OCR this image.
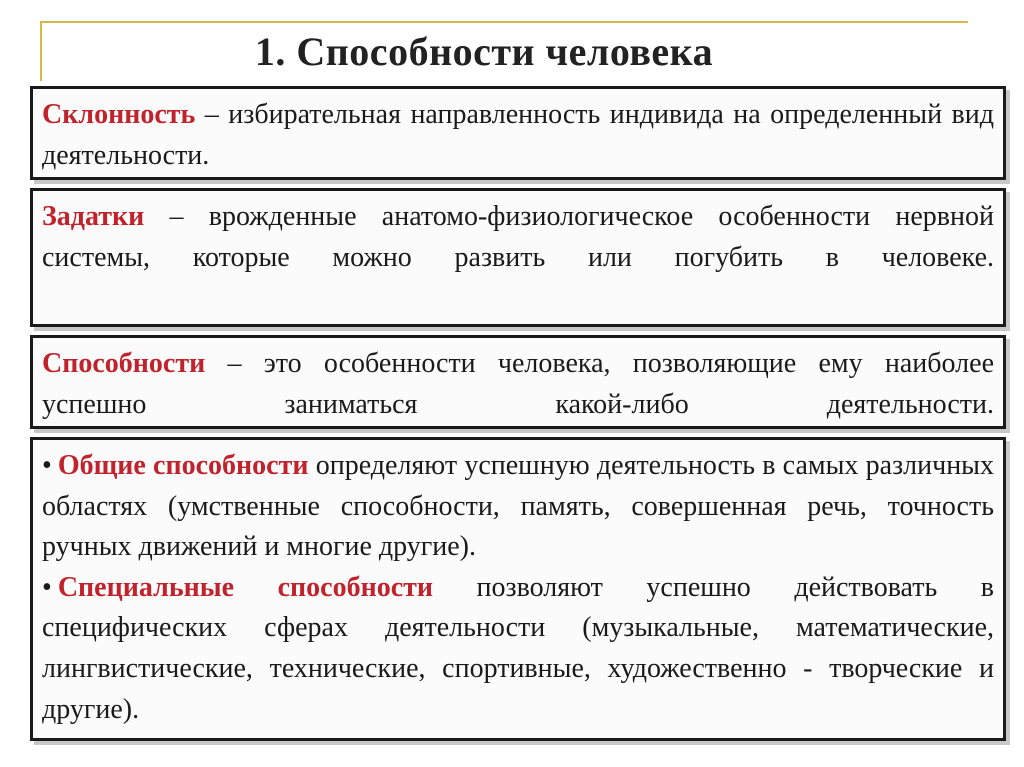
1. Способности человека

Склонность – избирательная направленность индивида на определенный вид деятельности.

Задатки – врожденные анатомо-физиологическое особенности нервной системы, которые можно развить или погубить в человеке.

Способности – это особенности человека, позволяющие ему наиболее успешно заниматься какой-либо деятельности.

• Общие способности определяют успешную деятельность в самых различных областях (умственные способности, память, совершенная речь, точность ручных движений и многие другие).

• Специальные способности позволяют успешно действовать в специфических сферах деятельности (музыкальные, математические, лингвистические, технические, спортивные, художественно - творческие и другие).
